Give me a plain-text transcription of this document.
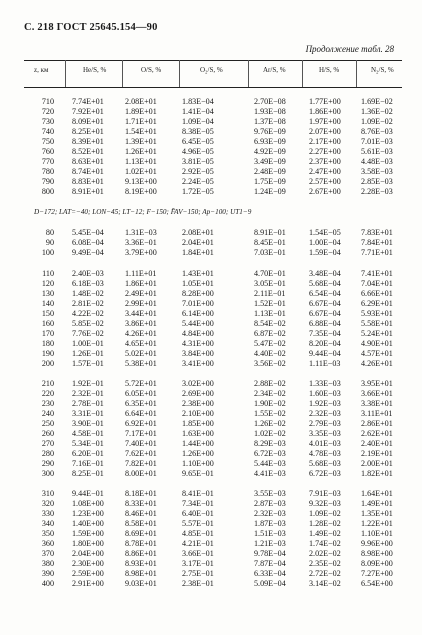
С. 218 ГОСТ 25645.154—90
Продолжение табл. 28
z, км	He/S, %	O/S, %	O₂/S, %	Ar/S, %	H/S, %	N₂/S, %
710 7.74E+01	2.08E+01	1.83E−04	2.70E−08	1.77E+00 1.69E−02
720 7.92E+01	1.89E+01	1.41E−04	1.93E−08	1.86E+00 1.36E−02
730 8.09E+01	1.71E+01	1.09E−04	1.37E−08	1.97E+00 1.09E−02
740 8.25E+01	1.54E+01	8.38E−05	9.76E−09	2.07E+00 8.76E−03
750 8.39E+01	1.39E+01	6.45E−05	6.93E−09	2.17E+00 7.01E−03
760 8.52E+01	1.26E+01	4.96E−05	4.92E−09	2.27E+00 5.61E−03
770 8.63E+01	1.13E+01	3.81E−05	3.49E−09	2.37E+00 4.48E−03
780 8.74E+01	1.02E+01	2.92E−05	2.48E−09	2.47E+00 3.58E−03
790 8.83E+01	9.13E+00	2.24E−05	1.75E−09	2.57E+00 2.85E−03
800 8.91E+01	8.19E+00	1.72E−05	1.24E−09	2.67E+00 2.28E−03
D−172; LAT=−40; LON−45; LT−12; F−150; F̄AV−150; Ap−100; UT1−9
80 5.45E−04	1.31E−03	2.08E+01	8.91E−01	1.54E−05 7.83E+01
90 6.08E−04	3.36E−01	2.04E+01	8.45E−01	1.00E−04 7.84E+01
100 9.49E−04	3.79E+00	1.84E+01	7.03E−01	1.59E−04 7.71E+01
110 2.40E−03	1.11E+01	1.43E+01	4.70E−01	3.48E−04 7.41E+01
120 6.18E−03	1.86E+01	1.05E+01	3.05E−01	5.68E−04 7.04E+01
130 1.48E−02	2.49E+01	8.28E+00	2.11E−01	6.54E−04 6.66E+01
140 2.81E−02	2.99E+01	7.01E+00	1.52E−01	6.67E−04 6.29E+01
150 4.22E−02	3.44E+01	6.14E+00	1.13E−01	6.67E−04 5.93E+01
160 5.85E−02	3.86E+01	5.44E+00	8.54E−02	6.88E−04 5.58E+01
170 7.76E−02	4.26E+01	4.84E+00	6.87E−02	7.35E−04 5.24E+01
180 1.00E−01	4.65E+01	4.31E+00	5.47E−02	8.20E−04 4.90E+01
190 1.26E−01	5.02E+01	3.84E+00	4.40E−02	9.44E−04 4.57E+01
200 1.57E−01	5.38E+01	3.41E+00	3.56E−02	1.11E−03	4.26E+01
210 1.92E−01	5.72E+01	3.02E+00	2.88E−02	1.33E−03 3.95E+01
220 2.32E−01	6.05E+01	2.69E+00	2.34E−02	1.60E−03 3.66E+01
230 2.78E−01	6.35E+01	2.38E+00	1.90E−02	1.92E−03 3.38E+01
240 3.31E−01	6.64E+01	2.10E+00	1.55E−02	2.32E−03 3.11E+01
250 3.90E−01	6.92E+01	1.85E+00	1.26E−02	2.79E−03 2.86E+01
260 4.58E−01	7.17E+01	1.63E+00	1.02E−02	3.35E−03 2.62E+01
270 5.34E−01	7.40E+01	1.44E+00	8.29E−03	4.01E−03 2.40E+01
280 6.20E−01	7.62E+01	1.26E+00	6.72E−03	4.78E−03 2.19E+01
290 7.16E−01	7.82E+01	1.10E+00	5.44E−03	5.68E−03 2.00E+01
300 8.25E−01	8.00E+01	9.65E−01	4.41E−03	6.72E−03 1.82E+01
310 9.44E−01	8.18E+01	8.41E−01	3.55E−03	7.91E−03 1.64E+01
320 1.08E+00	8.33E+01	7.34E−01	2.87E−03	9.32E−03 1.49E+01
330 1.23E+00	8.46E+01	6.40E−01	2.32E−03	1.09E−02 1.35E+01
340 1.40E+00	8.58E+01	5.57E−01	1.87E−03	1.28E−02 1.22E+01
350 1.59E+00	8.69E+01	4.85E−01	1.51E−03	1.49E−02 1.10E+01
360 1.80E+00	8.78E+01	4.21E−01	1.21E−03	1.74E−02 9.96E+00
370 2.04E+00	8.86E+01	3.66E−01	9.78E−04	2.02E−02 8.98E+00
380 2.30E+00	8.93E+01	3.17E−01	7.87E−04	2.35E−02 8.09E+00
390 2.59E+00	8.98E+01	2.75E−01	6.33E−04	2.72E−02 7.27E+00
400 2.91E+00	9.03E+01	2.38E−01	5.09E−04	3.14E−02 6.54E+00
